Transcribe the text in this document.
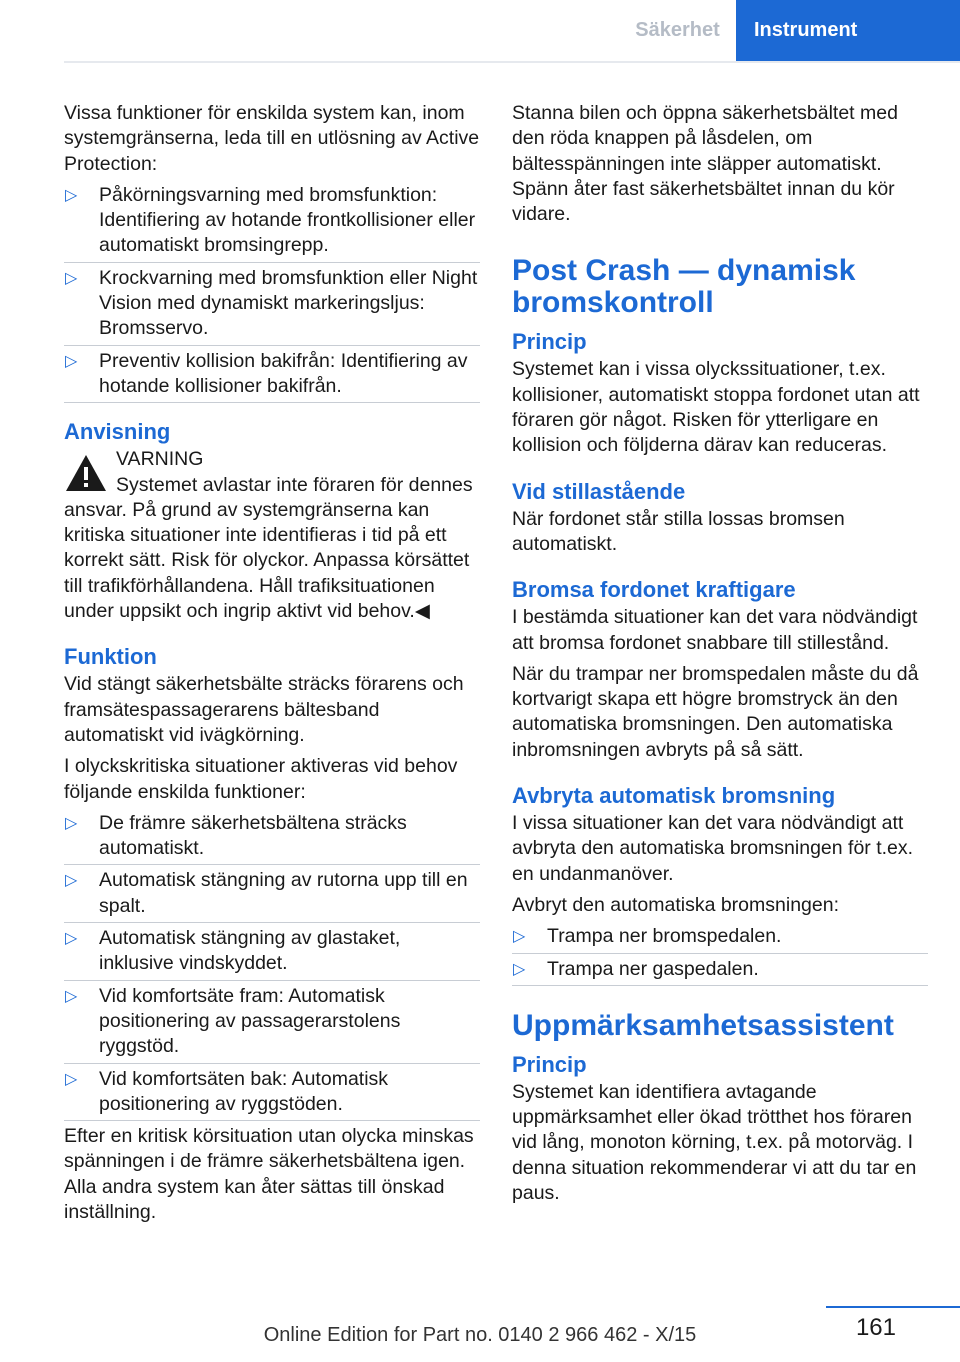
Säkerhet	Instrument

Vissa funktioner för enskilda system kan, inom systemgränserna, leda till en utlösning av Active Protection:

▷ Påkörningsvarning med bromsfunktion: Identifiering av hotande frontkollisioner eller automatiskt bromsingrepp.
▷ Krockvarning med bromsfunktion eller Night Vision med dynamiskt markeringsljus: Bromsservo.
▷ Preventiv kollision bakifrån: Identifiering av hotande kollisioner bakifrån.
Anvisning
VARNING

Systemet avlastar inte föraren för dennes ansvar. På grund av systemgränserna kan kritiska situationer inte identifieras i tid på ett korrekt sätt. Risk för olyckor. Anpassa körsättet till trafikförhållandena. Håll trafiksituationen under uppsikt och ingrip aktivt vid behov.◀

Funktion

Vid stängt säkerhetsbälte sträcks förarens och framsätespassagerarens bältesband automatiskt vid ivägkörning.

I olyckskritiska situationer aktiveras vid behov följande enskilda funktioner:

▷ De främre säkerhetsbältena sträcks automatiskt.
▷ Automatisk stängning av rutorna upp till en spalt.
▷ Automatisk stängning av glastaket, inklusive vindskyddet.
▷ Vid komfortsäte fram: Automatisk positionering av passagerarstolens ryggstöd.
▷ Vid komfortsäten bak: Automatisk positionering av ryggstöden.

Efter en kritisk körsituation utan olycka minskas spänningen i de främre säkerhetsbältena igen. Alla andra system kan åter sättas till önskad inställning.

Stanna bilen och öppna säkerhetsbältet med den röda knappen på låsdelen, om bältesspänningen inte släpper automatiskt. Spänn åter fast säkerhetsbältet innan du kör vidare.

Post Crash — dynamisk bromskontroll
Princip

Systemet kan i vissa olyckssituationer, t.ex. kollisioner, automatiskt stoppa fordonet utan att föraren gör något. Risken för ytterligare en kollision och följderna därav kan reduceras.

Vid stillastående

När fordonet står stilla lossas bromsen automatiskt.

Bromsa fordonet kraftigare

I bestämda situationer kan det vara nödvändigt att bromsa fordonet snabbare till stillestånd.

När du trampar ner bromspedalen måste du då kortvarigt skapa ett högre bromstryck än den automatiska bromsningen. Den automatiska inbromsningen avbryts på så sätt.

Avbryta automatisk bromsning

I vissa situationer kan det vara nödvändigt att avbryta den automatiska bromsningen för t.ex. en undanmanöver.

Avbryt den automatiska bromsningen:

▷ Trampa ner bromspedalen.
▷ Trampa ner gaspedalen.
Uppmärksamhetsassistent
Princip

Systemet kan identifiera avtagande uppmärksamhet eller ökad trötthet hos föraren vid lång, monoton körning, t.ex. på motorväg. I denna situation rekommenderar vi att du tar en paus.

161
Online Edition for Part no. 0140 2 966 462 - X/15
